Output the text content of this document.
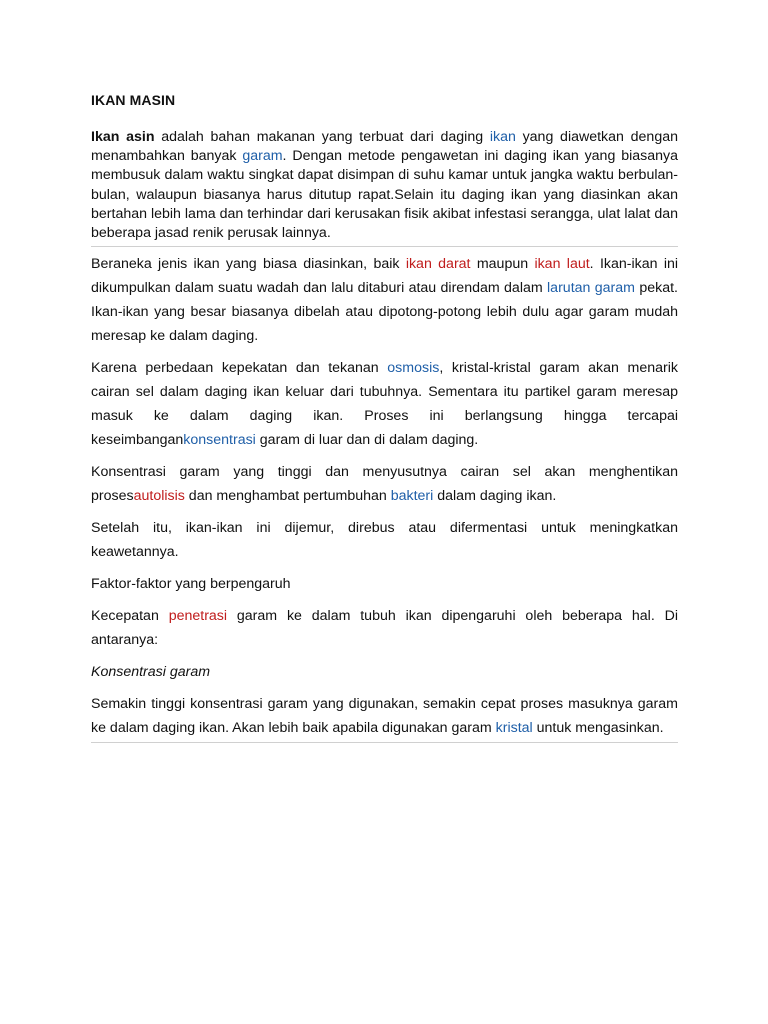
IKAN MASIN

Ikan asin adalah bahan makanan yang terbuat dari daging ikan yang diawetkan dengan menambahkan banyak garam. Dengan metode pengawetan ini daging ikan yang biasanya membusuk dalam waktu singkat dapat disimpan di suhu kamar untuk jangka waktu berbulan-bulan, walaupun biasanya harus ditutup rapat.Selain itu daging ikan yang diasinkan akan bertahan lebih lama dan terhindar dari kerusakan fisik akibat infestasi serangga, ulat lalat dan beberapa jasad renik perusak lainnya.

Beraneka jenis ikan yang biasa diasinkan, baik ikan darat maupun ikan laut. Ikan-ikan ini dikumpulkan dalam suatu wadah dan lalu ditaburi atau direndam dalam larutan garam pekat. Ikan-ikan yang besar biasanya dibelah atau dipotong-potong lebih dulu agar garam mudah meresap ke dalam daging.

Karena perbedaan kepekatan dan tekanan osmosis, kristal-kristal garam akan menarik cairan sel dalam daging ikan keluar dari tubuhnya. Sementara itu partikel garam meresap masuk ke dalam daging ikan. Proses ini berlangsung hingga tercapai keseimbangankonsentrasi garam di luar dan di dalam daging.

Konsentrasi garam yang tinggi dan menyusutnya cairan sel akan menghentikan prosesautolisis dan menghambat pertumbuhan bakteri dalam daging ikan.

Setelah itu, ikan-ikan ini dijemur, direbus atau difermentasi untuk meningkatkan keawetannya.

Faktor-faktor yang berpengaruh

Kecepatan penetrasi garam ke dalam tubuh ikan dipengaruhi oleh beberapa hal. Di antaranya:

Konsentrasi garam

Semakin tinggi konsentrasi garam yang digunakan, semakin cepat proses masuknya garam ke dalam daging ikan. Akan lebih baik apabila digunakan garam kristal untuk mengasinkan.
